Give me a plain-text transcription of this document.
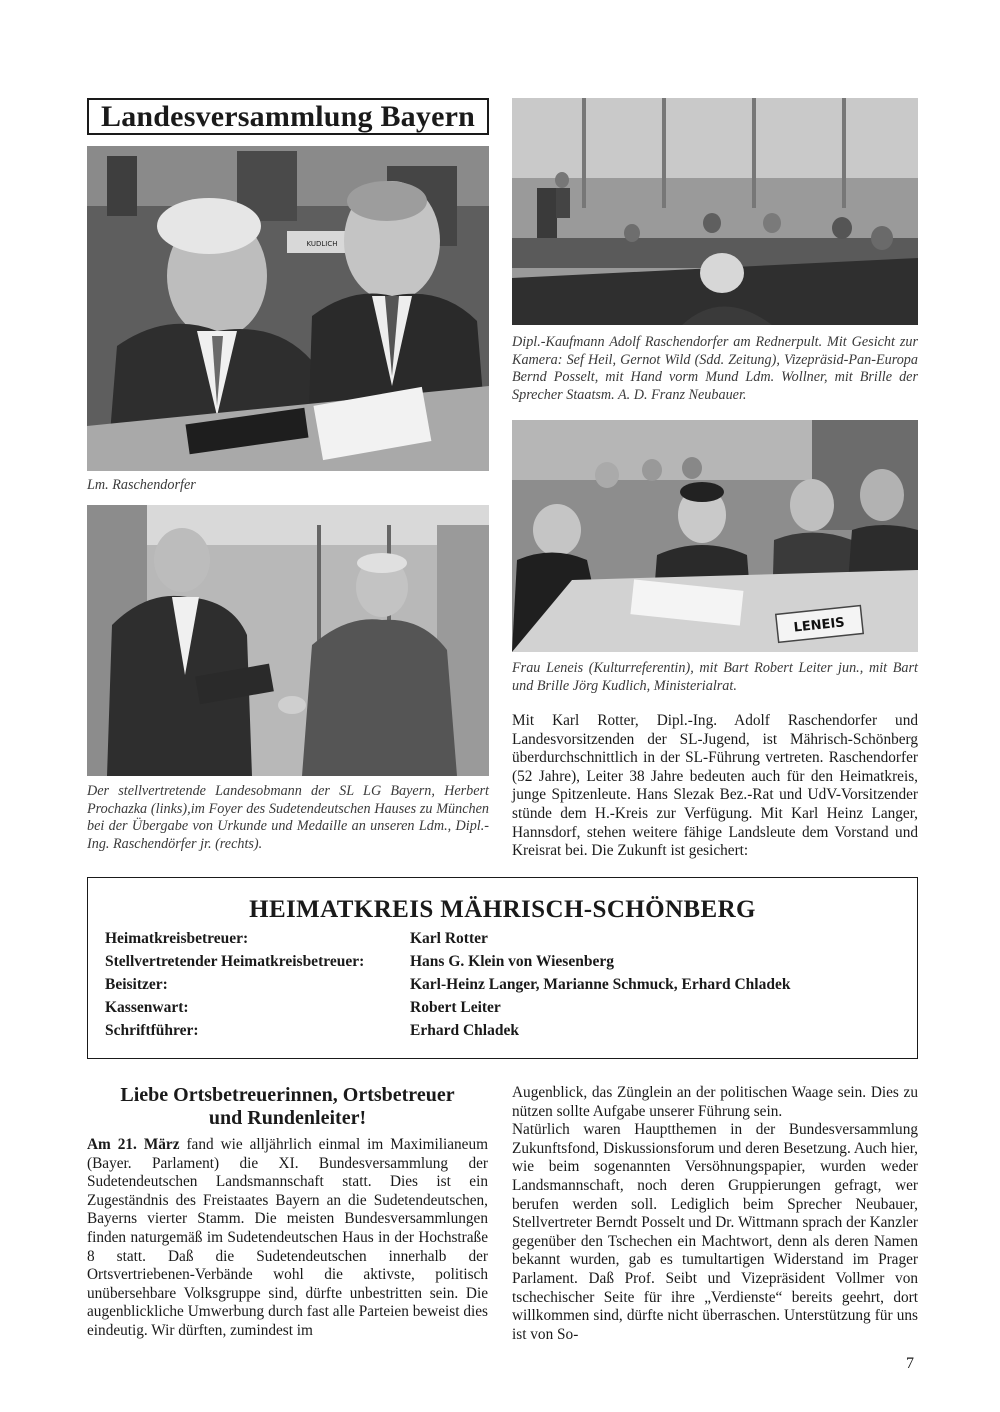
Landesversammlung Bayern
KUDLICH
Lm. Raschendorfer
Dipl.-Kaufmann Adolf Raschendorfer am Rednerpult. Mit Gesicht zur Kamera: Sef Heil, Gernot Wild (Sdd. Zeitung), Vizepräsid-Pan-Europa Bernd Posselt, mit Hand vorm Mund Ldm. Wollner, mit Brille der Sprecher Staatsm. A. D. Franz Neubauer.
Der stellvertretende Landesobmann der SL LG Bayern, Herbert Prochazka (links),im Foyer des Sudetendeutschen Hauses zu München bei der Übergabe von Urkunde und Medaille an unseren Ldm., Dipl.-Ing. Raschendörfer jr. (rechts).
LENEIS
Frau Leneis (Kulturreferentin), mit Bart Robert Leiter jun., mit Bart und Brille Jörg Kudlich, Ministerialrat.
Mit Karl Rotter, Dipl.-Ing. Adolf Raschendorfer und Landesvorsitzenden der SL-Jugend, ist Mährisch-Schönberg überdurchschnittlich in der SL-Führung vertreten. Raschendorfer (52 Jahre), Leiter 38 Jahre bedeuten auch für den Heimatkreis, junge Spitzenleute. Hans Slezak Bez.-Rat und UdV-Vorsitzender stünde dem H.-Kreis zur Verfügung. Mit Karl Heinz Langer, Hannsdorf, stehen weitere fähige Landsleute dem Vorstand und Kreisrat bei. Die Zukunft ist gesichert:
HEIMATKREIS MÄHRISCH-SCHÖNBERG
Heimatkreisbetreuer:	Karl Rotter
Stellvertretender Heimatkreisbetreuer:	Hans G. Klein von Wiesenberg
Beisitzer:	Karl-Heinz Langer, Marianne Schmuck, Erhard Chladek
Kassenwart:	Robert Leiter
Schriftführer:	Erhard Chladek
Liebe Ortsbetreuerinnen, Ortsbetreuer
und Rundenleiter!
Am 21. März fand wie alljährlich einmal im Maximilianeum (Bayer. Parlament) die XI. Bundesversammlung der Sudetendeutschen Landsmannschaft statt. Dies ist ein Zugeständnis des Freistaates Bayern an die Sudetendeutschen, Bayerns vierter Stamm. Die meisten Bundesversammlungen finden naturgemäß im Sudetendeutschen Haus in der Hochstraße 8 statt. Daß die Sudetendeutschen innerhalb der Ortsvertriebenen-Verbände wohl die aktivste, politisch unübersehbare Volksgruppe sind, dürfte unbestritten sein. Die augenblickliche Umwerbung durch fast alle Parteien beweist dies eindeutig. Wir dürften, zumindest im
Augenblick, das Zünglein an der politischen Waage sein. Dies zu nützen sollte Aufgabe unserer Führung sein.
Natürlich waren Hauptthemen in der Bundesversammlung Zukunftsfond, Diskussionsforum und deren Besetzung. Auch hier, wie beim sogenannten Versöhnungspapier, wurden weder Landsmannschaft, noch deren Gruppierungen gefragt, wer berufen werden soll. Lediglich beim Sprecher Neubauer, Stellvertreter Berndt Posselt und Dr. Wittmann sprach der Kanzler gegenüber den Tschechen ein Machtwort, denn als deren Namen bekannt wurden, gab es tumultartigen Widerstand im Prager Parlament. Daß Prof. Seibt und Vizepräsident Vollmer von tschechischer Seite für ihre „Verdienste“ bereits geehrt, dort willkommen sind, dürfte nicht überraschen. Unterstützung für uns ist von So-
7
